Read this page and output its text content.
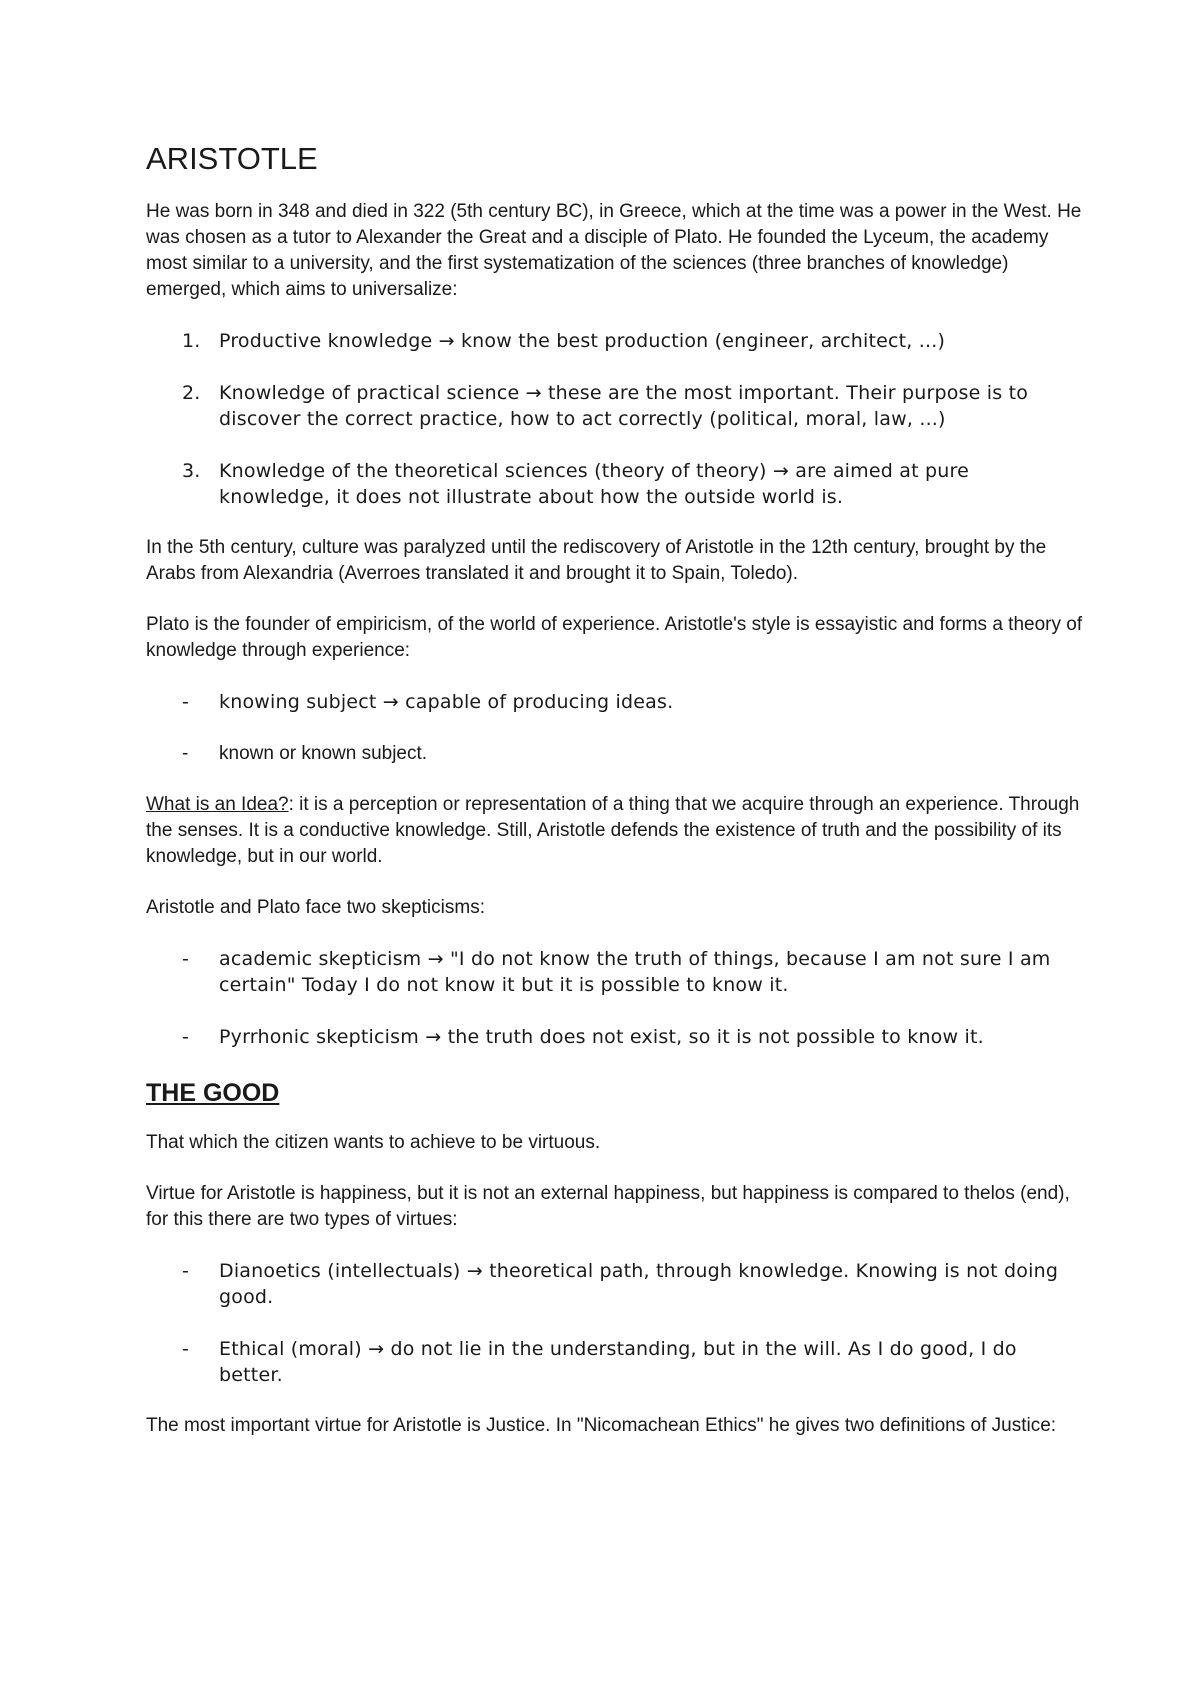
ARISTOTLE

He was born in 348 and died in 322 (5th century BC), in Greece, which at the time was a power in the West. He was chosen as a tutor to Alexander the Great and a disciple of Plato. He founded the Lyceum, the academy most similar to a university, and the first systematization of the sciences (three branches of knowledge) emerged, which aims to universalize:

1. Productive knowledge → know the best production (engineer, architect, ...)
2. Knowledge of practical science → these are the most important. Their purpose is to discover the correct practice, how to act correctly (political, moral, law, ...)
3. Knowledge of the theoretical sciences (theory of theory) → are aimed at pure knowledge, it does not illustrate about how the outside world is.

In the 5th century, culture was paralyzed until the rediscovery of Aristotle in the 12th century, brought by the Arabs from Alexandria (Averroes translated it and brought it to Spain, Toledo).

Plato is the founder of empiricism, of the world of experience. Aristotle's style is essayistic and forms a theory of knowledge through experience:

- knowing subject → capable of producing ideas.
- known or known subject.

What is an Idea?: it is a perception or representation of a thing that we acquire through an experience. Through the senses. It is a conductive knowledge. Still, Aristotle defends the existence of truth and the possibility of its knowledge, but in our world.

Aristotle and Plato face two skepticisms:

- academic skepticism → "I do not know the truth of things, because I am not sure I am certain" Today I do not know it but it is possible to know it.
- Pyrrhonic skepticism → the truth does not exist, so it is not possible to know it.
THE GOOD

That which the citizen wants to achieve to be virtuous.

Virtue for Aristotle is happiness, but it is not an external happiness, but happiness is compared to thelos (end), for this there are two types of virtues:

- Dianoetics (intellectuals) → theoretical path, through knowledge. Knowing is not doing good.
- Ethical (moral) → do not lie in the understanding, but in the will. As I do good, I do better.

The most important virtue for Aristotle is Justice. In "Nicomachean Ethics" he gives two definitions of Justice:
